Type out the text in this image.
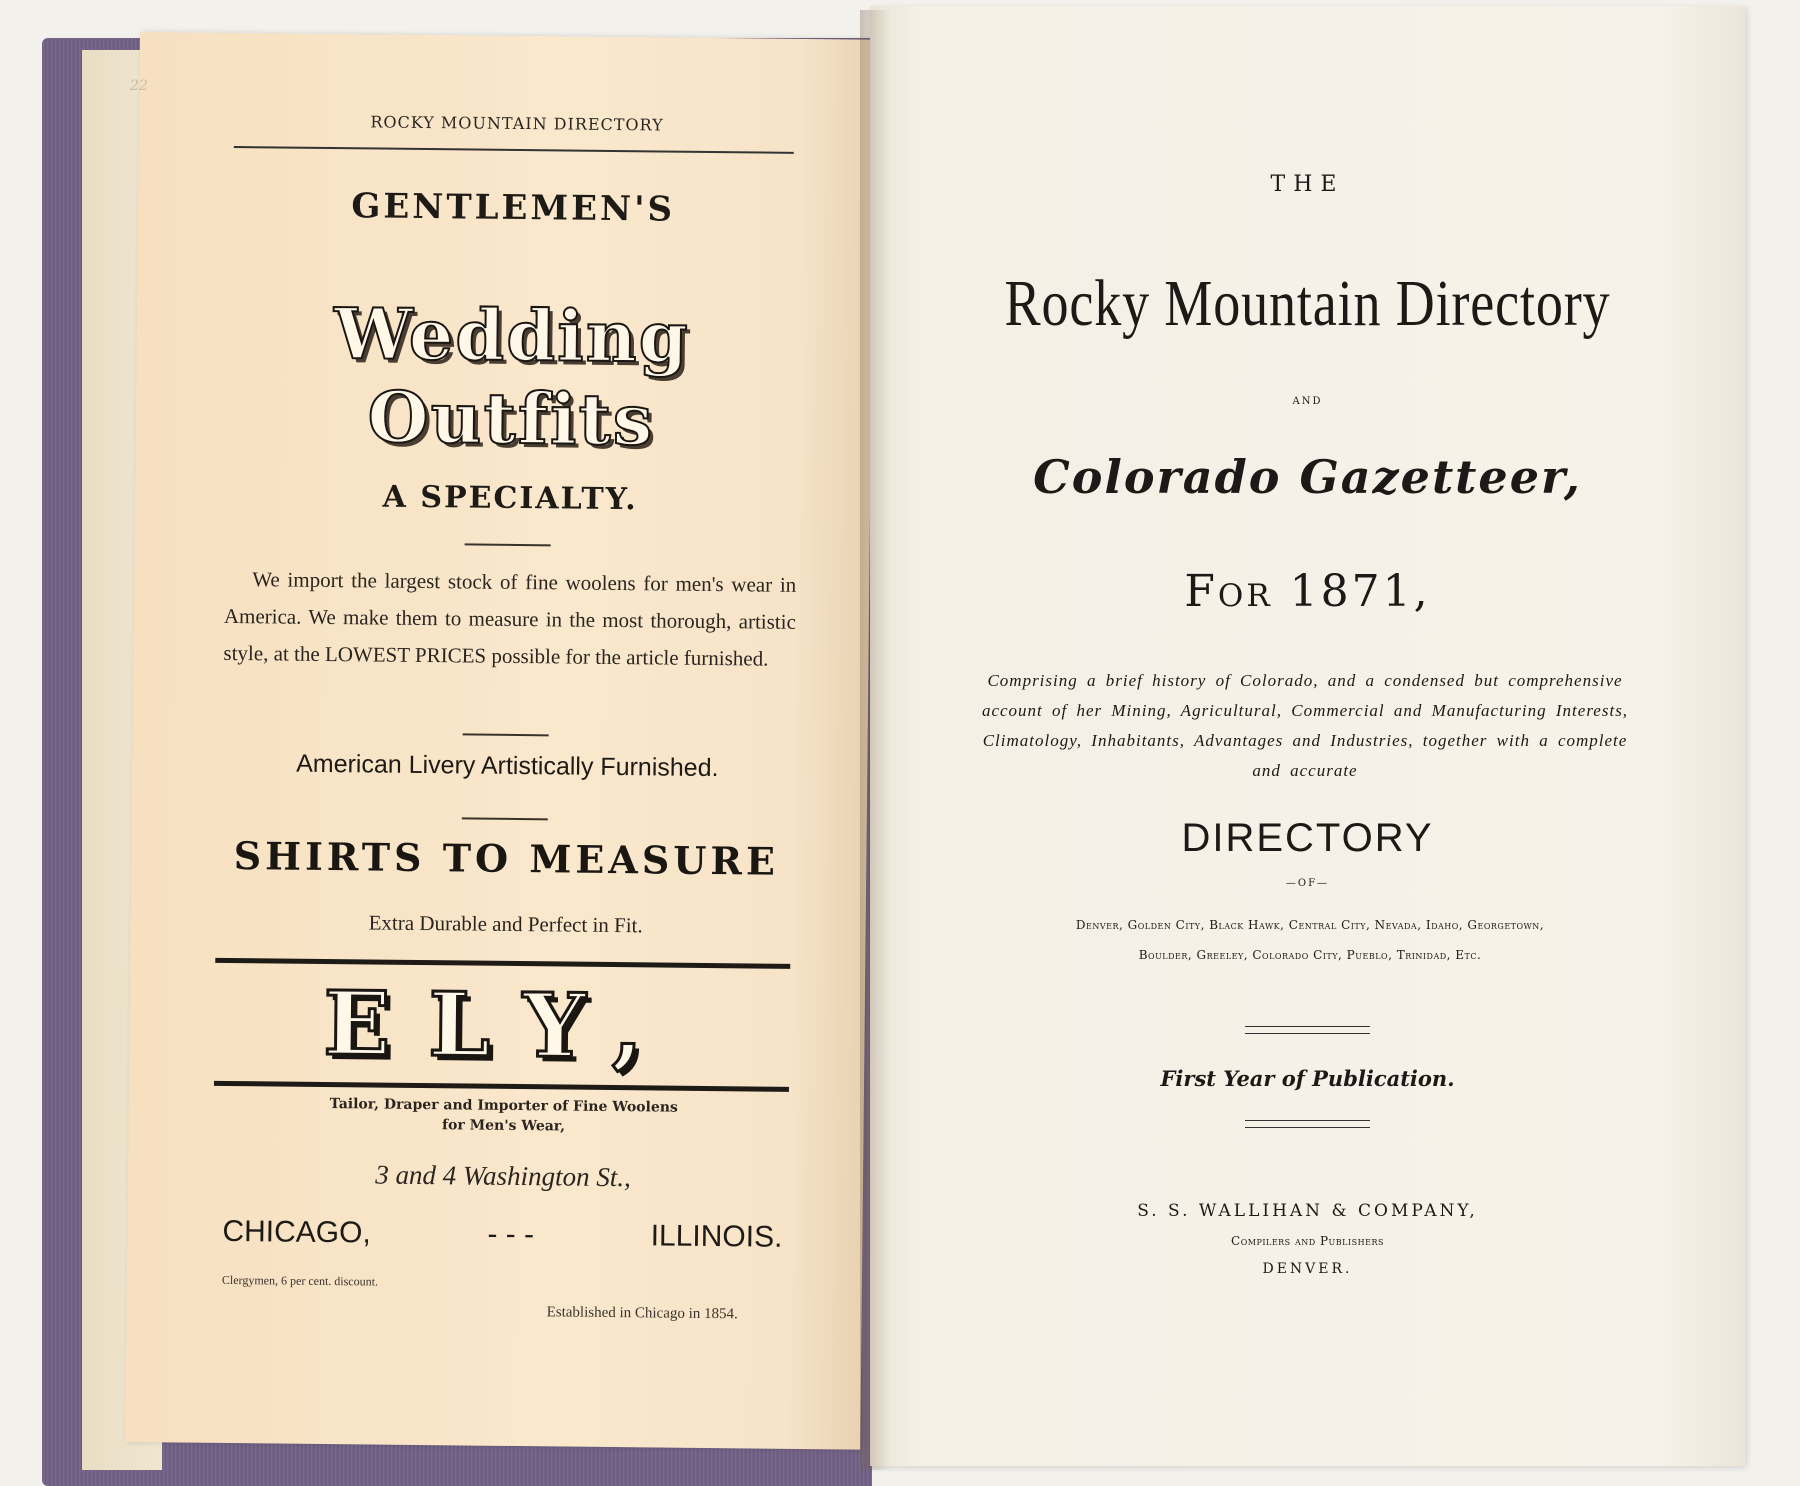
ROCKY MOUNTAIN DIRECTORY
GENTLEMEN'S
Wedding Outfits
A SPECIALTY.
We import the largest stock of fine woolens for men's wear in America. We make them to measure in the most thorough, artistic style, at the LOWEST PRICES possible for the article furnished.
American Livery Artistically Furnished.
SHIRTS TO MEASURE
Extra Durable and Perfect in Fit.
ELY,
Tailor, Draper and Importer of Fine Woolens
for Men's Wear,
3 and 4 Washington St.,
CHICAGO,	- - -	ILLINOIS.
Clergymen, 6 per cent. discount.
Established in Chicago in 1854.
22
THE
Rocky Mountain Directory
AND
Colorado Gazetteer,
For 1871,
Comprising a brief history of Colorado, and a condensed but comprehensive account of her Mining, Agricultural, Commercial and Manufacturing Interests, Climatology, Inhabitants, Advantages and Industries, together with a complete and accurate
DIRECTORY
—OF—
Denver, Golden City, Black Hawk, Central City, Nevada, Idaho, Georgetown,
Boulder, Greeley, Colorado City, Pueblo, Trinidad, Etc.
First Year of Publication.
S. S. WALLIHAN & COMPANY,
Compilers and Publishers
DENVER.
